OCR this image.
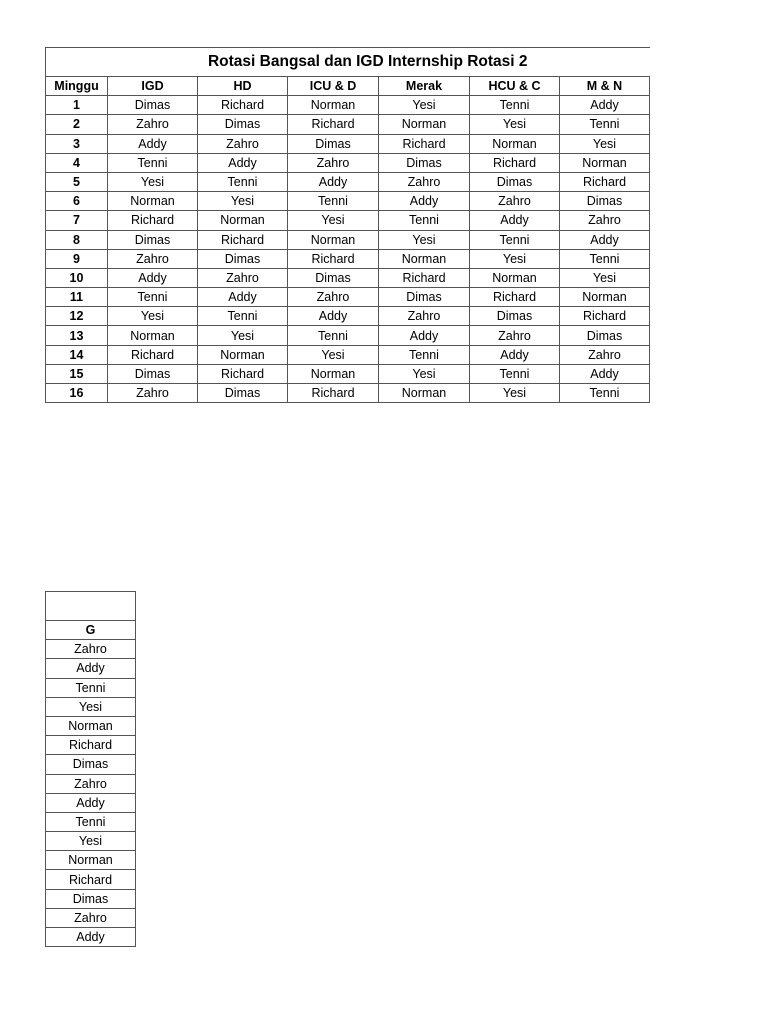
Rotasi Bangsal dan IGD Internship Rotasi 2						
Minggu	IGD	HD	ICU & D	Merak	HCU & C	M & N
1	Dimas	Richard	Norman	Yesi	Tenni	Addy
2	Zahro	Dimas	Richard	Norman	Yesi	Tenni
3	Addy	Zahro	Dimas	Richard	Norman	Yesi
4	Tenni	Addy	Zahro	Dimas	Richard	Norman
5	Yesi	Tenni	Addy	Zahro	Dimas	Richard
6	Norman	Yesi	Tenni	Addy	Zahro	Dimas
7	Richard	Norman	Yesi	Tenni	Addy	Zahro
8	Dimas	Richard	Norman	Yesi	Tenni	Addy
9	Zahro	Dimas	Richard	Norman	Yesi	Tenni
10	Addy	Zahro	Dimas	Richard	Norman	Yesi
11	Tenni	Addy	Zahro	Dimas	Richard	Norman
12	Yesi	Tenni	Addy	Zahro	Dimas	Richard
13	Norman	Yesi	Tenni	Addy	Zahro	Dimas
14	Richard	Norman	Yesi	Tenni	Addy	Zahro
15	Dimas	Richard	Norman	Yesi	Tenni	Addy
16	Zahro	Dimas	Richard	Norman	Yesi	Tenni

G
Zahro
Addy
Tenni
Yesi
Norman
Richard
Dimas
Zahro
Addy
Tenni
Yesi
Norman
Richard
Dimas
Zahro
Addy
